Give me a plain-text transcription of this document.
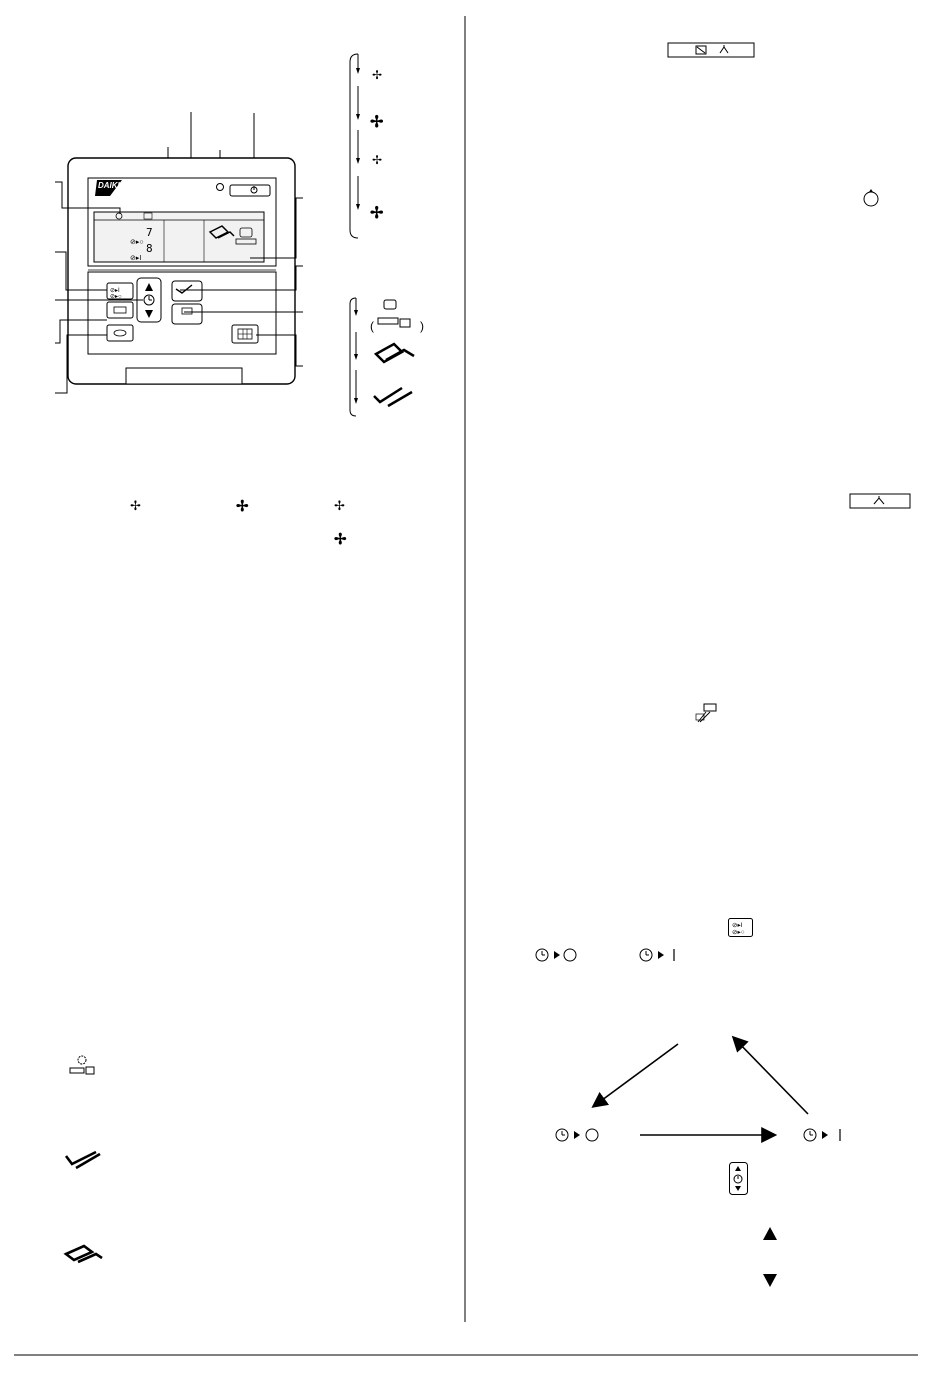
DAIKIN
⊘▸○
⊘▸I
7
8
⊘▸I
⊘▸○
✢
✢
✢
✢
(	)
✢	✢	✢
✢
⊘▸I
⊘▸○
